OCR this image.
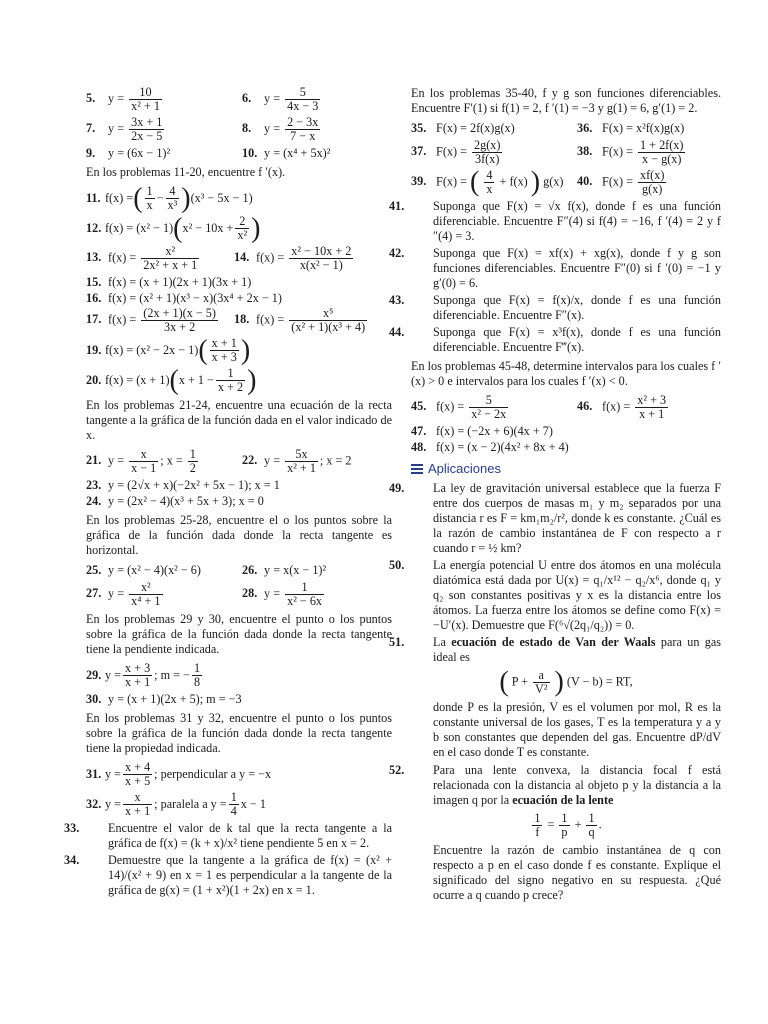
5. $y = \frac{10}{\text{x² + 1}}$	6. $y = \frac{5}{4x - 3}$
7. $y = \frac{3x + 1}{2x - 5}$	8. $y = \frac{2 - 3x}{7 - x}$
9. y = (6x − 1)²	10. y = (x⁴ + 5x)²

En los problemas 11-20, encuentre f ′(x).

11. f(x) = ( $\frac{1}{x} - \frac{4}{\text{x³}}$ ) (x³ − 5x − 1)
12. f(x) = (x² − 1) ( $x^2 - 10x + \frac{2}{\text{x²}}$ )
13. $f(x) = \frac{\text{x²}}{\text{2x² + x + 1}}$	14. $f(x) = \frac{\text{x² − 10x + 2}}{\text{x(x² − 1)}}$
15. f(x) = (x + 1)(2x + 1)(3x + 1)
16. f(x) = (x² + 1)(x³ − x)(3x⁴ + 2x − 1)
17. $f(x) = \frac{(2x + 1)(x - 5)}{3x + 2} 18$. $f(x) = \frac{\text{x⁵}}{\text{(x² + 1)(x³ + 4)}}$
19. f(x) = (x² − 2x − 1) ( $\frac{x + 1}{x + 3}$ )
20. f(x) = (x + 1) ( $x + 1 - \frac{1}{x + 2}$ )

En los problemas 21-24, encuentre una ecuación de la recta tangente a la gráfica de la función dada en el valor indicado de x.

21. $y = \frac{x}{x - 1}$ ; $x = \frac{1}{2}$	22. $y = \frac{5x}{\text{x² + 1}}$ ; x = 2
23. y = (2√x + x)(−2x² + 5x − 1); x = 1
24. y = (2x² − 4)(x³ + 5x + 3); x = 0

En los problemas 25-28, encuentre el o los puntos sobre la gráfica de la función dada donde la recta tangente es horizontal.

25. y = (x² − 4)(x² − 6)	26. y = x(x − 1)²
27. $y = \frac{\text{x²}}{\text{x⁴ + 1}}$	28. $y = \frac{1}{\text{x² − 6x}}$

En los problemas 29 y 30, encuentre el punto o los puntos sobre la gráfica de la función dada donde la recta tangente tiene la pendiente indicada.

29. $y = \frac{x + 3}{x + 1}$ ; m = − $\frac{1}{8}$
30. y = (x + 1)(2x + 5); m = −3

En los problemas 31 y 32, encuentre el punto o los puntos sobre la gráfica de la función dada donde la recta tangente tiene la propiedad indicada.

31. $y = \frac{x + 4}{x + 5}$ ; perpendicular a y = −x
32. $y = \frac{x}{x + 1}$ ; paralela a $y = \frac{1}{4}$ x − 1
33. Encuentre el valor de k tal que la recta tangente a la gráfica de f(x) = (k + x)/x² tiene pendiente 5 en x = 2.
34. Demuestre que la tangente a la gráfica de f(x) = (x² + 14)/(x² + 9) en x = 1 es perpendicular a la tangente de la gráfica de g(x) = (1 + x²)(1 + 2x) en x = 1.

En los problemas 35-40, f y g son funciones diferenciables. Encuentre F′(1) si f(1) = 2, f ′(1) = −3 y g(1) = 6, g′(1) = 2.

35. F(x) = 2f(x)g(x)	36. F(x) = x²f(x)g(x)
37. $F(x) = \frac{2g(x)}{3f(x)}$	38. $F(x) = \frac{1 + 2f(x)}{x - g(x)}$
39. F(x) = ( $\frac{4}{x} + f(x)$ ) g(x)	40. $F(x) = \frac{xf(x)}{g(x)}$
41. Suponga que F(x) = √x f(x), donde f es una función diferenciable. Encuentre F″(4) si f(4) = −16, f ′(4) = 2 y f ″(4) = 3.
42. Suponga que F(x) = xf(x) + xg(x), donde f y g son funciones diferenciables. Encuentre F″(0) si f ′(0) = −1 y g′(0) = 6.
43. Suponga que F(x) = f(x)/x, donde f es una función diferenciable. Encuentre F″(x).
44. Suponga que F(x) = x³f(x), donde f es una función diferenciable. Encuentre F‴(x).

En los problemas 45-48, determine intervalos para los cuales f ′(x) > 0 e intervalos para los cuales f ′(x) < 0.

45. $f(x) = \frac{5}{\text{x² − 2x}}$	46. $f(x) = \frac{\text{x² + 3}}{x + 1}$
47. f(x) = (−2x + 6)(4x + 7)
48. f(x) = (x − 2)(4x² + 8x + 4)
Aplicaciones
49. La ley de gravitación universal establece que la fuerza F entre dos cuerpos de masas m₁ y m₂ separados por una distancia r es F = km₁m₂/r², donde k es constante. ¿Cuál es la razón de cambio instantánea de F con respecto a r cuando r = ½ km?
50. La energía potencial U entre dos átomos en una molécula diatómica está dada por U(x) = q₁/x¹² − q₂/x⁶, donde q₁ y q₂ son constantes positivas y x es la distancia entre los átomos. La fuerza entre los átomos se define como F(x) = −U′(x). Demuestre que F(⁶√(2q₁/q₂)) = 0.
51. La ecuación de estado de Van der Waals para un gas ideal es
( $P + \frac{a}{\text{V²}}$ ) (V − b) = RT,
donde P es la presión, V es el volumen por mol, R es la constante universal de los gases, T es la temperatura y a y b son constantes que dependen del gas. Encuentre dP/dV en el caso donde T es constante.
52. Para una lente convexa, la distancia focal f está relacionada con la distancia al objeto p y la distancia a la imagen q por la ecuación de la lente
$\frac{1}{f} = \frac{1}{p} + \frac{1}{q}$ .
Encuentre la razón de cambio instantánea de q con respecto a p en el caso donde f es constante. Explique el significado del signo negativo en su respuesta. ¿Qué ocurre a q cuando p crece?
